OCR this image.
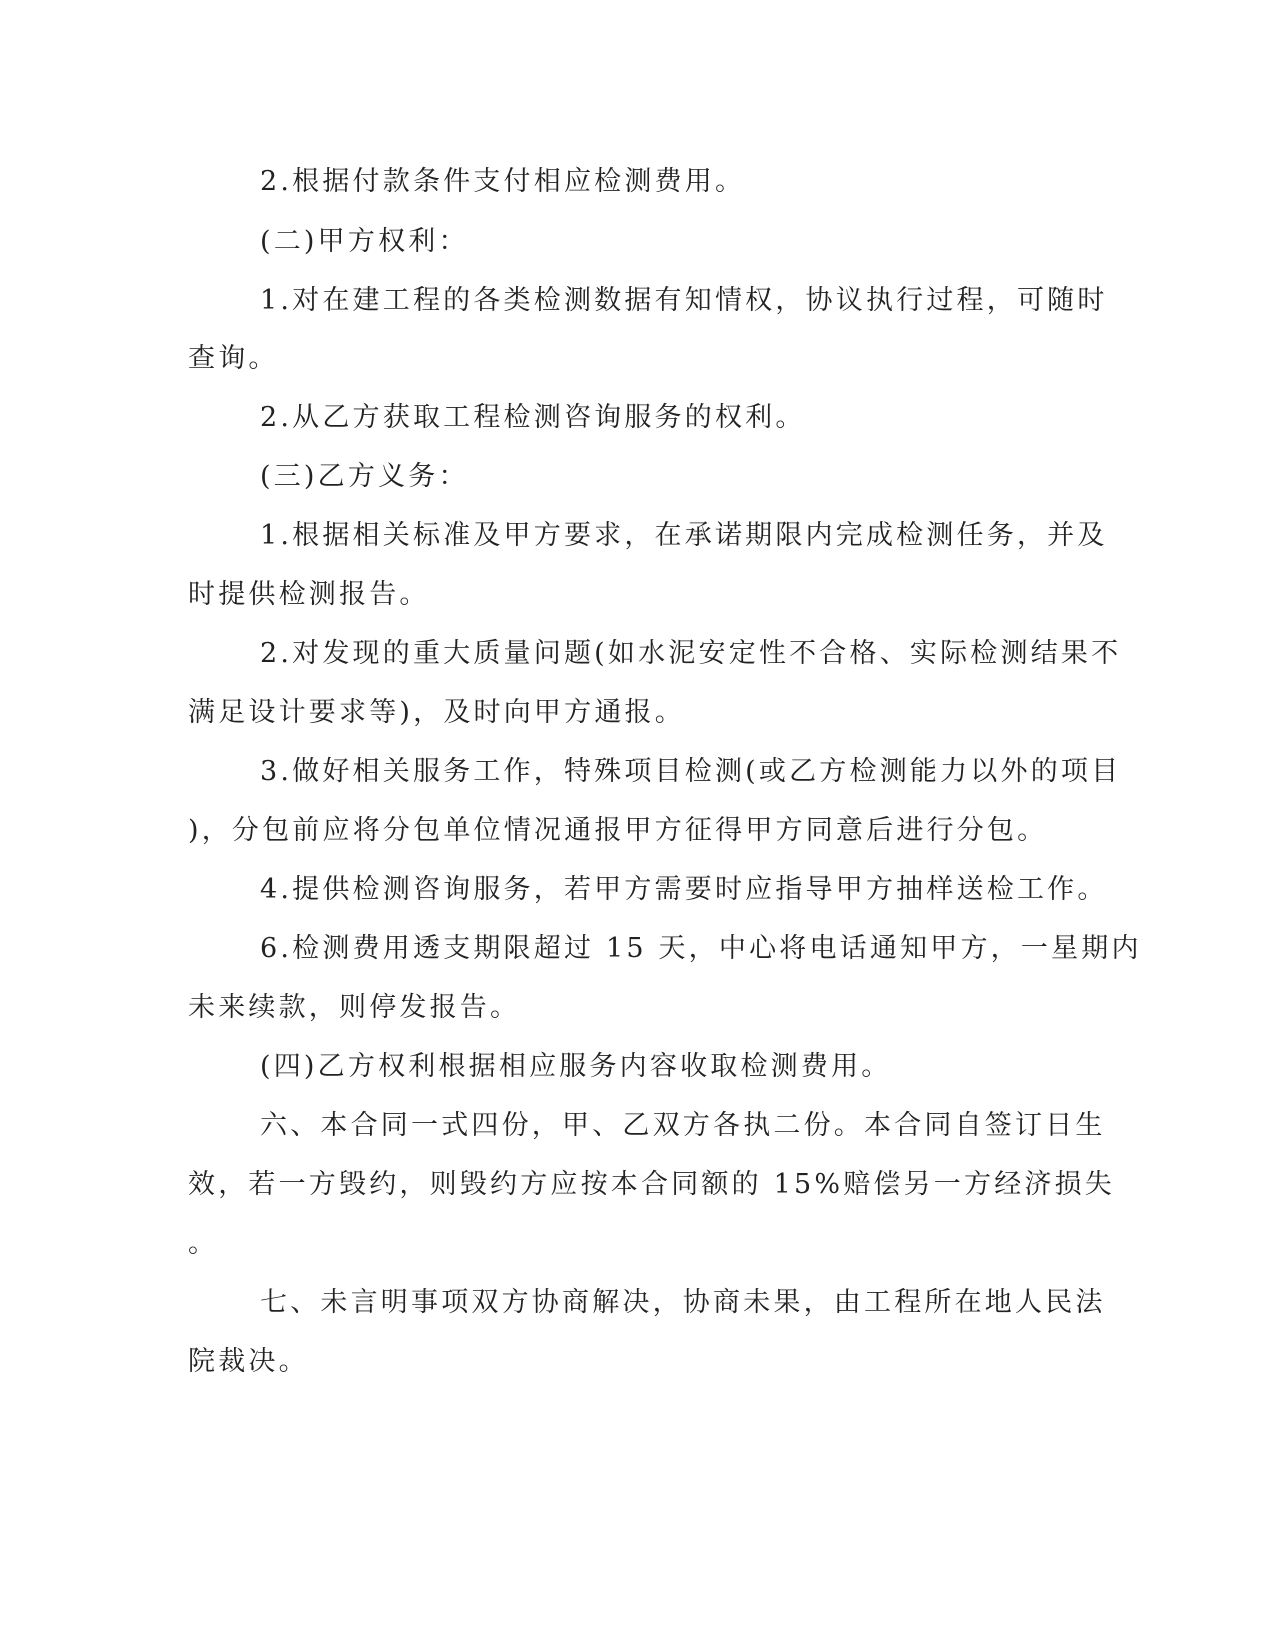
2.根据付款条件支付相应检测费用。
(二)甲方权利：
1.对在建工程的各类检测数据有知情权，协议执行过程，可随时
查询。
2.从乙方获取工程检测咨询服务的权利。
(三)乙方义务：
1.根据相关标准及甲方要求，在承诺期限内完成检测任务，并及
时提供检测报告。
2.对发现的重大质量问题(如水泥安定性不合格、实际检测结果不
满足设计要求等)，及时向甲方通报。
3.做好相关服务工作，特殊项目检测(或乙方检测能力以外的项目
)，分包前应将分包单位情况通报甲方征得甲方同意后进行分包。
4.提供检测咨询服务，若甲方需要时应指导甲方抽样送检工作。
6.检测费用透支期限超过 15 天，中心将电话通知甲方，一星期内
未来续款，则停发报告。
(四)乙方权利根据相应服务内容收取检测费用。
六、本合同一式四份，甲、乙双方各执二份。本合同自签订日生
效，若一方毁约，则毁约方应按本合同额的 15%赔偿另一方经济损失
。
七、未言明事项双方协商解决，协商未果，由工程所在地人民法
院裁决。
